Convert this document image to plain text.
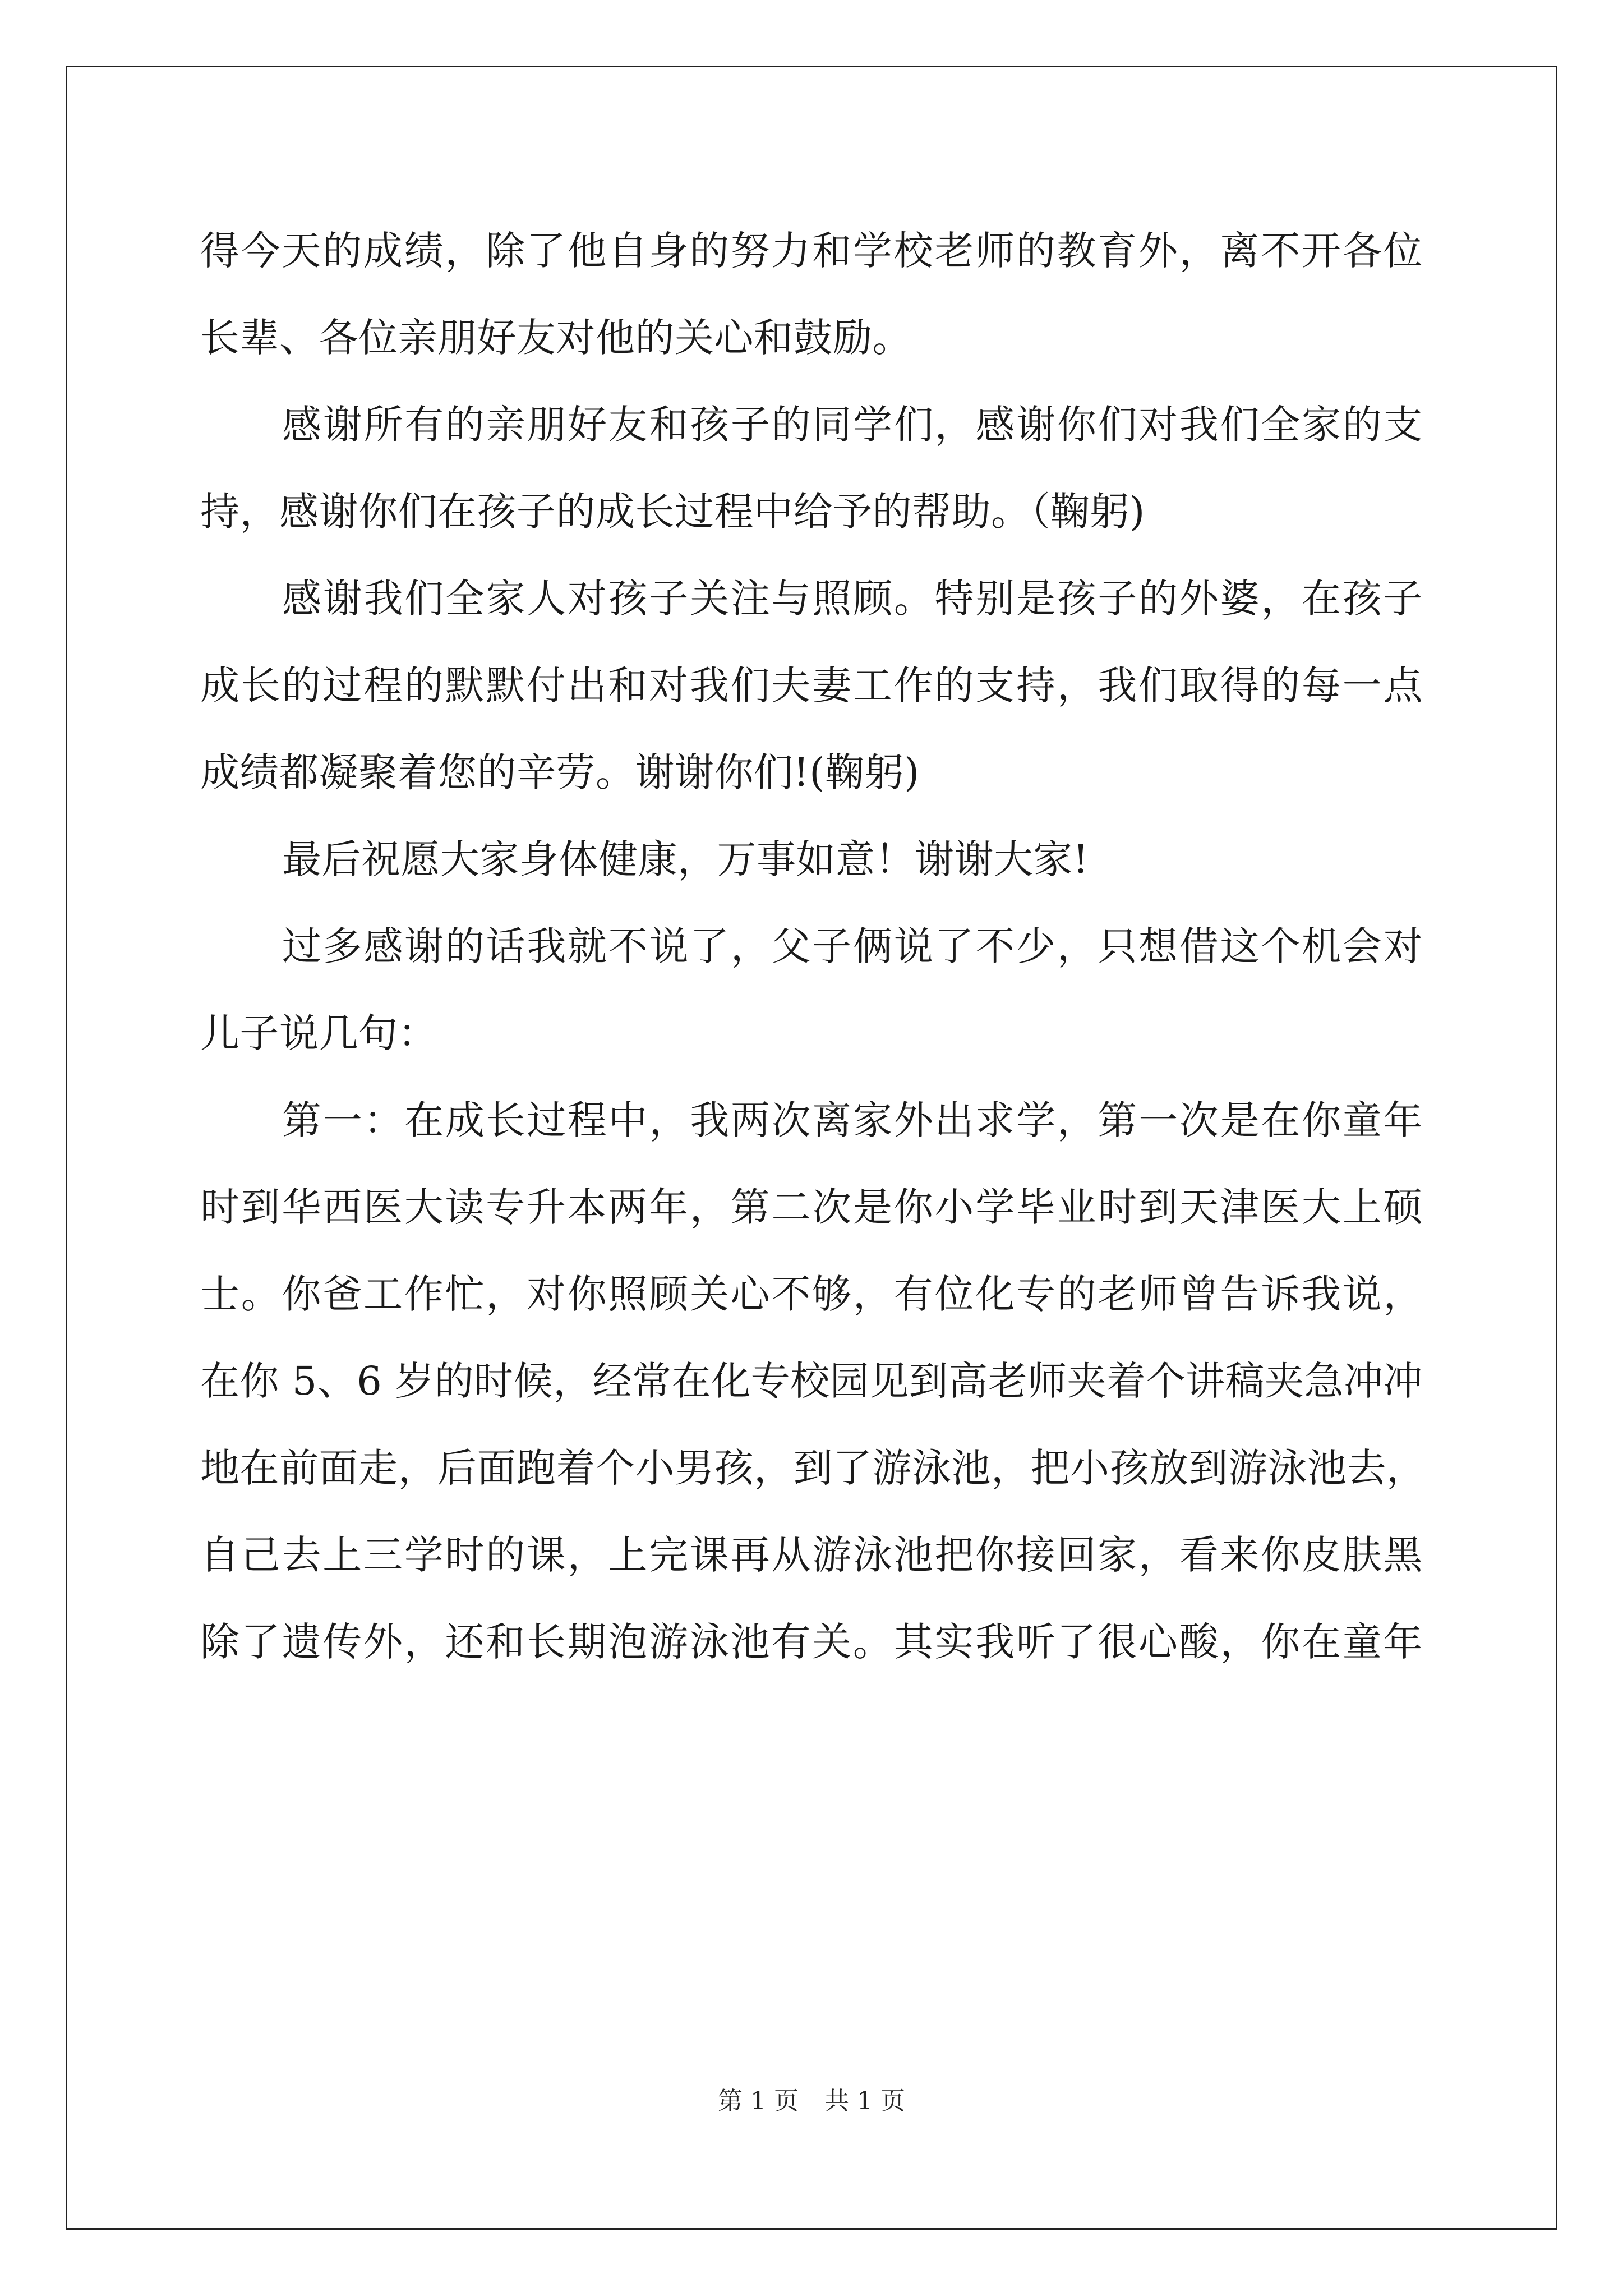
得今天的成绩，除了他自身的努力和学校老师的教育外，离不开各位
长辈、各位亲朋好友对他的关心和鼓励。
感谢所有的亲朋好友和孩子的同学们，感谢你们对我们全家的支
持，感谢你们在孩子的成长过程中给予的帮助。（鞠躬)
感谢我们全家人对孩子关注与照顾。特别是孩子的外婆，在孩子
成长的过程的默默付出和对我们夫妻工作的支持，我们取得的每一点
成绩都凝聚着您的辛劳。谢谢你们!(鞠躬)
最后祝愿大家身体健康，万事如意！谢谢大家!
过多感谢的话我就不说了，父子俩说了不少，只想借这个机会对
儿子说几句：
第一：在成长过程中，我两次离家外出求学，第一次是在你童年
时到华西医大读专升本两年，第二次是你小学毕业时到天津医大上硕
士。你爸工作忙，对你照顾关心不够，有位化专的老师曾告诉我说，
在你 5、6 岁的时候，经常在化专校园见到高老师夹着个讲稿夹急冲冲
地在前面走，后面跑着个小男孩，到了游泳池，把小孩放到游泳池去，
自己去上三学时的课，上完课再从游泳池把你接回家，看来你皮肤黑
除了遗传外，还和长期泡游泳池有关。其实我听了很心酸，你在童年
第 1 页 共 1 页
